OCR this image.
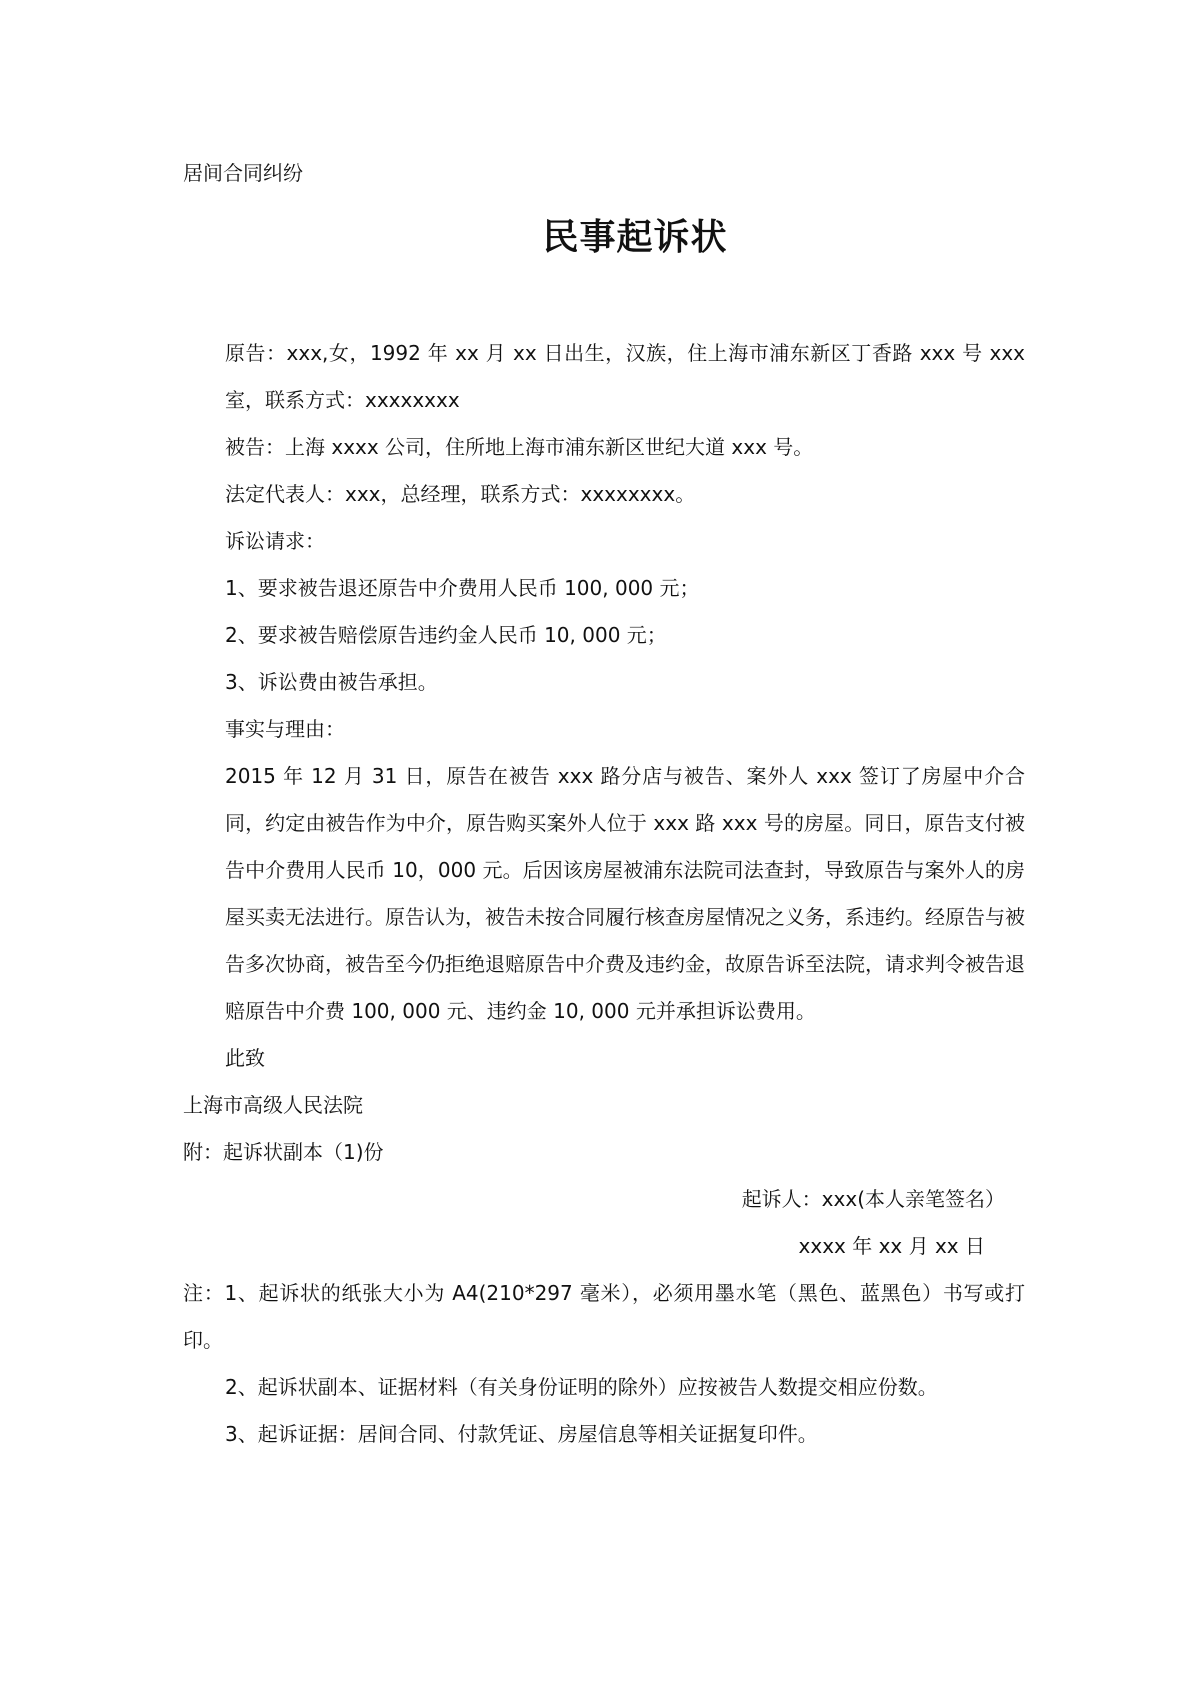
居间合同纠纷
民事起诉状

原告：xxx,女，1992 年 xx 月 xx 日出生，汉族，住上海市浦东新区丁香路 xxx 号 xxx 室，联系方式：xxxxxxxx

被告：上海 xxxx 公司，住所地上海市浦东新区世纪大道 xxx 号。

法定代表人：xxx，总经理，联系方式：xxxxxxxx。

诉讼请求：

1、要求被告退还原告中介费用人民币 100, 000 元；

2、要求被告赔偿原告违约金人民币 10, 000 元；

3、诉讼费由被告承担。

事实与理由：

2015 年 12 月 31 日，原告在被告 xxx 路分店与被告、案外人 xxx 签订了房屋中介合同，约定由被告作为中介，原告购买案外人位于 xxx 路 xxx 号的房屋。同日，原告支付被告中介费用人民币 10，000 元。后因该房屋被浦东法院司法查封，导致原告与案外人的房屋买卖无法进行。原告认为，被告未按合同履行核查房屋情况之义务，系违约。经原告与被告多次协商，被告至今仍拒绝退赔原告中介费及违约金，故原告诉至法院，请求判令被告退赔原告中介费 100, 000 元、违约金 10, 000 元并承担诉讼费用。

此致

上海市高级人民法院

附：起诉状副本（1)份

起诉人：xxx(本人亲笔签名）

xxxx 年 xx 月 xx 日

注：1、起诉状的纸张大小为 A4(210*297 毫米），必须用墨水笔（黑色、蓝黑色）书写或打印。

2、起诉状副本、证据材料（有关身份证明的除外）应按被告人数提交相应份数。

3、起诉证据：居间合同、付款凭证、房屋信息等相关证据复印件。
